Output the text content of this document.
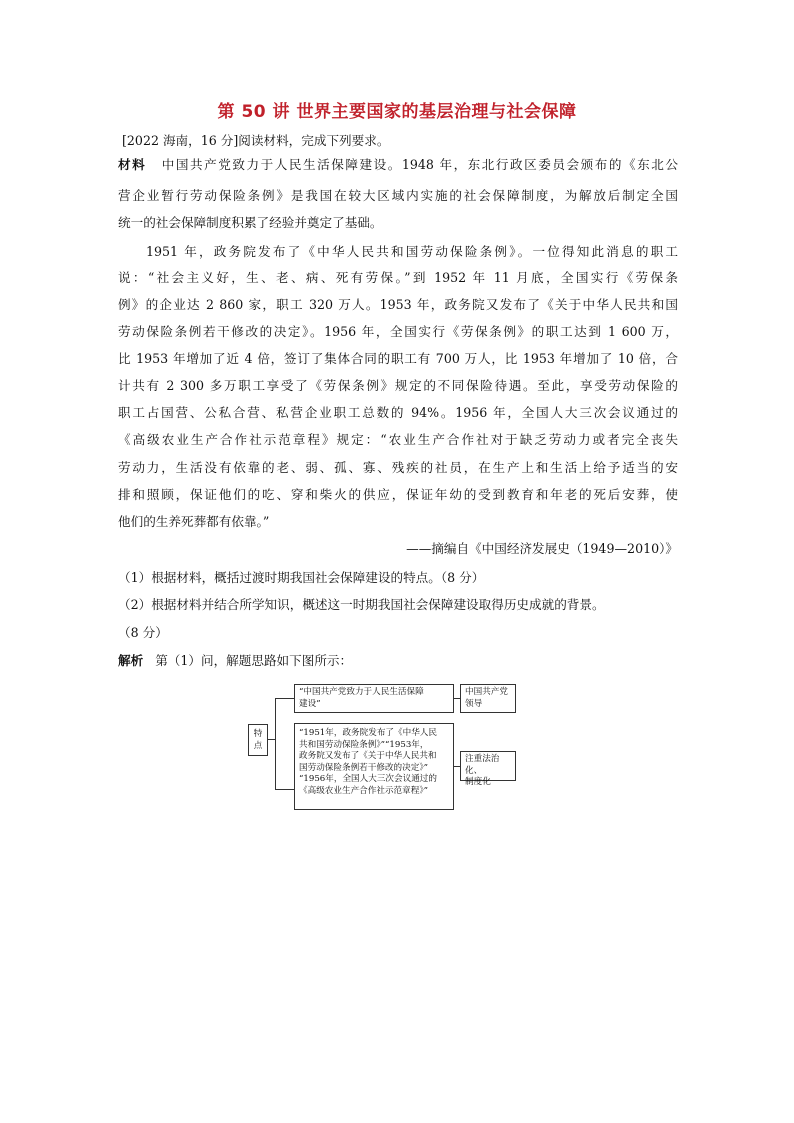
第 50 讲 世界主要国家的基层治理与社会保障
[2022 海南，16 分]阅读材料，完成下列要求。
材料 中国共产党致力于人民生活保障建设。1948 年，东北行政区委员会颁布的《东北公
营企业暂行劳动保险条例》是我国在较大区域内实施的社会保障制度，为解放后制定全国
统一的社会保障制度积累了经验并奠定了基础。
1951 年，政务院发布了《中华人民共和国劳动保险条例》。一位得知此消息的职工
说：“社会主义好，生、老、病、死有劳保。”到 1952 年 11 月底，全国实行《劳保条
例》的企业达 2 860 家，职工 320 万人。1953 年，政务院又发布了《关于中华人民共和国
劳动保险条例若干修改的决定》。1956 年，全国实行《劳保条例》的职工达到 1 600 万，
比 1953 年增加了近 4 倍，签订了集体合同的职工有 700 万人，比 1953 年增加了 10 倍，合
计共有 2 300 多万职工享受了《劳保条例》规定的不同保险待遇。至此，享受劳动保险的
职工占国营、公私合营、私营企业职工总数的 94%。1956 年，全国人大三次会议通过的
《高级农业生产合作社示范章程》规定：“农业生产合作社对于缺乏劳动力或者完全丧失
劳动力，生活没有依靠的老、弱、孤、寡、残疾的社员，在生产上和生活上给予适当的安
排和照顾，保证他们的吃、穿和柴火的供应，保证年幼的受到教育和年老的死后安葬，使
他们的生养死葬都有依靠。”
——摘编自《中国经济发展史（1949—2010）》
（1）根据材料，概括过渡时期我国社会保障建设的特点。（8 分）
（2）根据材料并结合所学知识，概述这一时期我国社会保障建设取得历史成就的背景。
（8 分）
解析 第（1）问，解题思路如下图所示：
特点
“中国共产党致力于人民生活保障
建设”
中国共产党
领导
“1951年，政务院发布了《中华人民
共和国劳动保险条例》”“1953年，
政务院又发布了《关于中华人民共和
国劳动保险条例若干修改的决定》”
“1956年，全国人大三次会议通过的
《高级农业生产合作社示范章程》”
注重法治化、
制度化
